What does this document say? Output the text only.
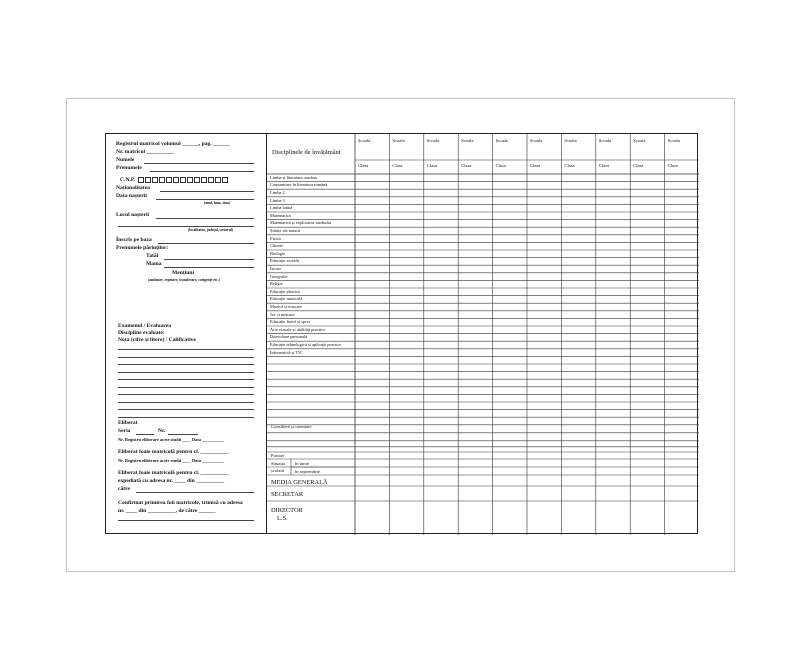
Registrul matricol volumul ______, pag. ______
Nr. matricol __________
Numele
Prenumele
C.N.P.
Naționalitatea
Data nașterii
(anul, luna, ziua)
Locul nașterii
(localitatea, județul, sectorul)
Înscris pe baza
Prenumele părinților:
Tatăl
Mama
Mențiuni
(amânare, repetare, transferare, corigențe etc.)
Examenul / Evaluarea
Discipline evaluate:
Nota (cifre și litere) / Calificative
Eliberat
Seria	Nr.
Nr. Registru eliberare acete studii ____ Data __________
Eliberat foaie matricolă pentru cl. __________
Nr. Registru eliberare acete studii ____ Data __________
Eliberat foaie matricolă pentru cl. __________
expediată cu adresa nr. ____ din __________
către
Confirmat primirea foii matricole, trimisă cu adresa
nr. ____ din __________, de către ______
Disciplinele de învățământ
Școala
Clasa
Școala
Clasa
Școala
Clasa
Școala
Clasa
Școala
Clasa
Școala
Clasa
Școala
Clasa
Școala
Clasa
Școala
Clasa
Școala
Clasa
Limba și literatura română
Comunicare în literatura română
Limba 2
Limba 3
Limba latină
Matematică
Matematică și explorarea mediului
Științe ale naturii
Fizică
Chimie
Biologie
Educație socială
Istorie
Geografie
Religie
Educație plastică
Educație muzicală
Muzică și mișcare
Joc și mișcare
Educație fizică și sport
Arte vizuale și abilități practice
Dezvoltare personală
Educație tehnologică și aplicații practice
Informatică și TIC
Consiliere și orientare
Purtare
Situația
școlară
în iunie
în septembrie
MEDIA GENERALĂ
SECRETAR
DIRECTOR
L.S.
